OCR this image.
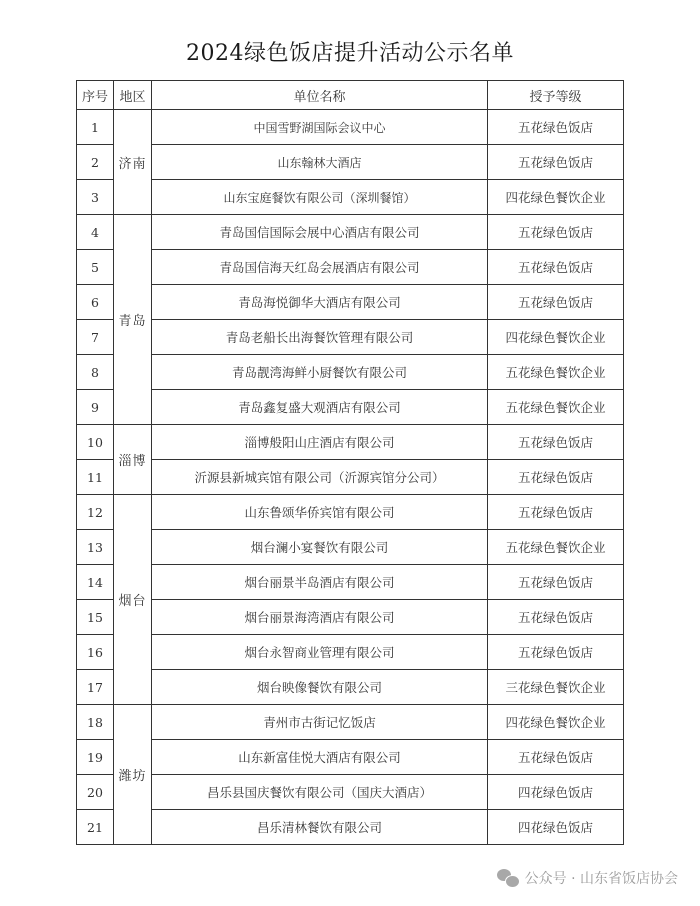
2024绿色饭店提升活动公示名单
序号	地区	单位名称	授予等级
1	济南	中国雪野湖国际会议中心	五花绿色饭店
2		山东翰林大酒店	五花绿色饭店
3		山东宝庭餐饮有限公司（深圳餐馆）	四花绿色餐饮企业
4	青岛	青岛国信国际会展中心酒店有限公司	五花绿色饭店
5		青岛国信海天红岛会展酒店有限公司	五花绿色饭店
6		青岛海悦御华大酒店有限公司	五花绿色饭店
7		青岛老船长出海餐饮管理有限公司	四花绿色餐饮企业
8		青岛靓湾海鲜小厨餐饮有限公司	五花绿色餐饮企业
9		青岛鑫复盛大观酒店有限公司	五花绿色餐饮企业
10	淄博	淄博般阳山庄酒店有限公司	五花绿色饭店
11		沂源县新城宾馆有限公司（沂源宾馆分公司）	五花绿色饭店
12	烟台	山东鲁颂华侨宾馆有限公司	五花绿色饭店
13		烟台澜小宴餐饮有限公司	五花绿色餐饮企业
14		烟台丽景半岛酒店有限公司	五花绿色饭店
15		烟台丽景海湾酒店有限公司	五花绿色饭店
16		烟台永智商业管理有限公司	五花绿色饭店
17		烟台映像餐饮有限公司	三花绿色餐饮企业
18	潍坊	青州市古街记忆饭店	四花绿色餐饮企业
19		山东新富佳悦大酒店有限公司	五花绿色饭店
20		昌乐县国庆餐饮有限公司（国庆大酒店）	四花绿色饭店
21		昌乐清林餐饮有限公司	四花绿色饭店
公众号 · 山东省饭店协会
